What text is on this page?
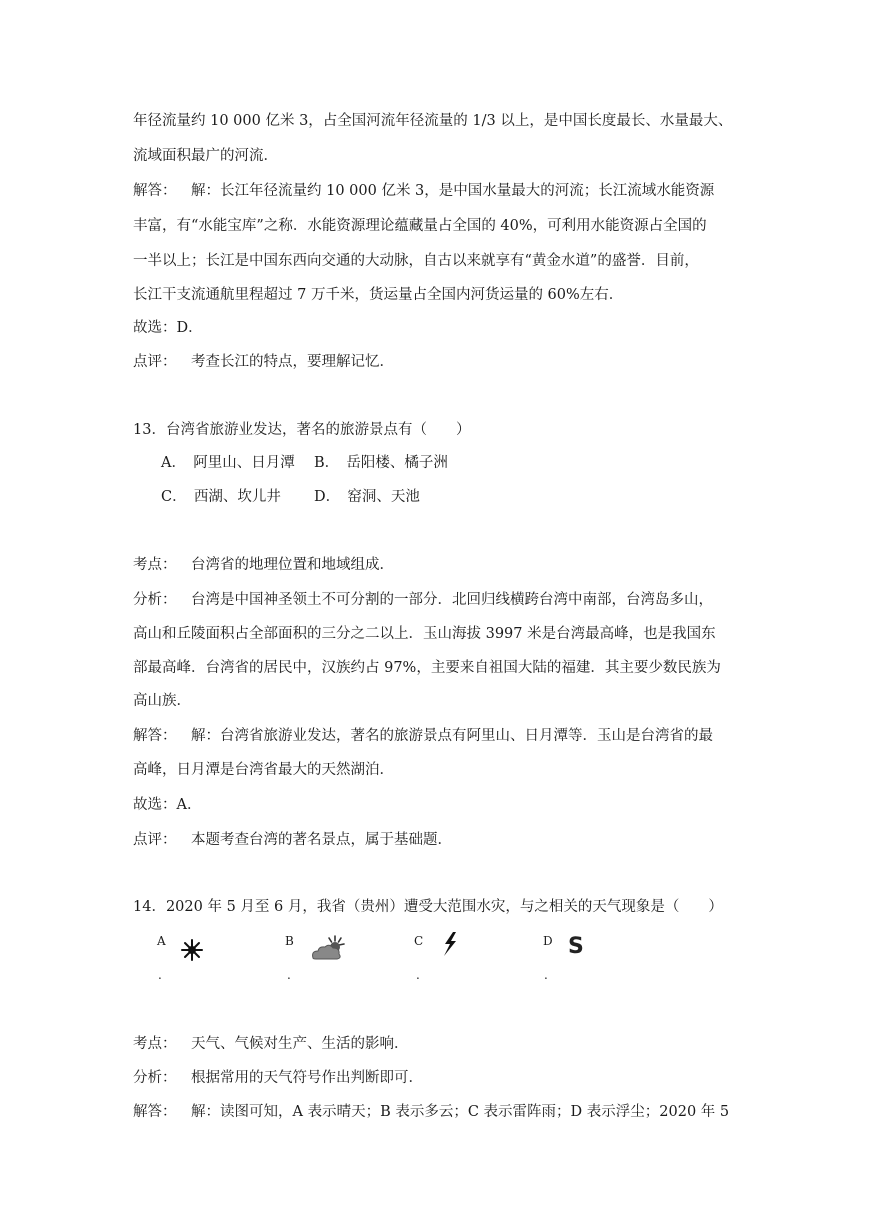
年径流量约 10 000 亿米 3，占全国河流年径流量的 1/3 以上，是中国长度最长、水量最大、
流域面积最广的河流．
解答： 解：长江年径流量约 10 000 亿米 3，是中国水量最大的河流；长江流域水能资源
丰富，有“水能宝库”之称．水能资源理论蕴藏量占全国的 40%，可利用水能资源占全国的
一半以上；长江是中国东西向交通的大动脉，自古以来就享有“黄金水道”的盛誉．目前，
长江干支流通航里程超过 7 万千米，货运量占全国内河货运量的 60%左右．
故选：D．
点评： 考查长江的特点，要理解记忆．
13．台湾省旅游业发达，著名的旅游景点有（　　）
A．　阿里山、日月潭 B．　岳阳楼、橘子洲
C．　西湖、坎儿井 D．　窑洞、天池
考点： 台湾省的地理位置和地域组成．
分析： 台湾是中国神圣领土不可分割的一部分．北回归线横跨台湾中南部，台湾岛多山，
高山和丘陵面积占全部面积的三分之二以上．玉山海拔 3997 米是台湾最高峰，也是我国东
部最高峰．台湾省的居民中，汉族约占 97%，主要来自祖国大陆的福建．其主要少数民族为
高山族．
解答： 解：台湾省旅游业发达，著名的旅游景点有阿里山、日月潭等．玉山是台湾省的最
高峰，日月潭是台湾省最大的天然湖泊．
故选：A．
点评： 本题考查台湾的著名景点，属于基础题．
14．2020 年 5 月至 6 月，我省（贵州）遭受大范围水灾，与之相关的天气现象是（　　）
A
.
B
.
C
.
D
.
S
考点： 天气、气候对生产、生活的影响．
分析： 根据常用的天气符号作出判断即可．
解答： 解：读图可知，A 表示晴天；B 表示多云；C 表示雷阵雨；D 表示浮尘；2020 年 5
